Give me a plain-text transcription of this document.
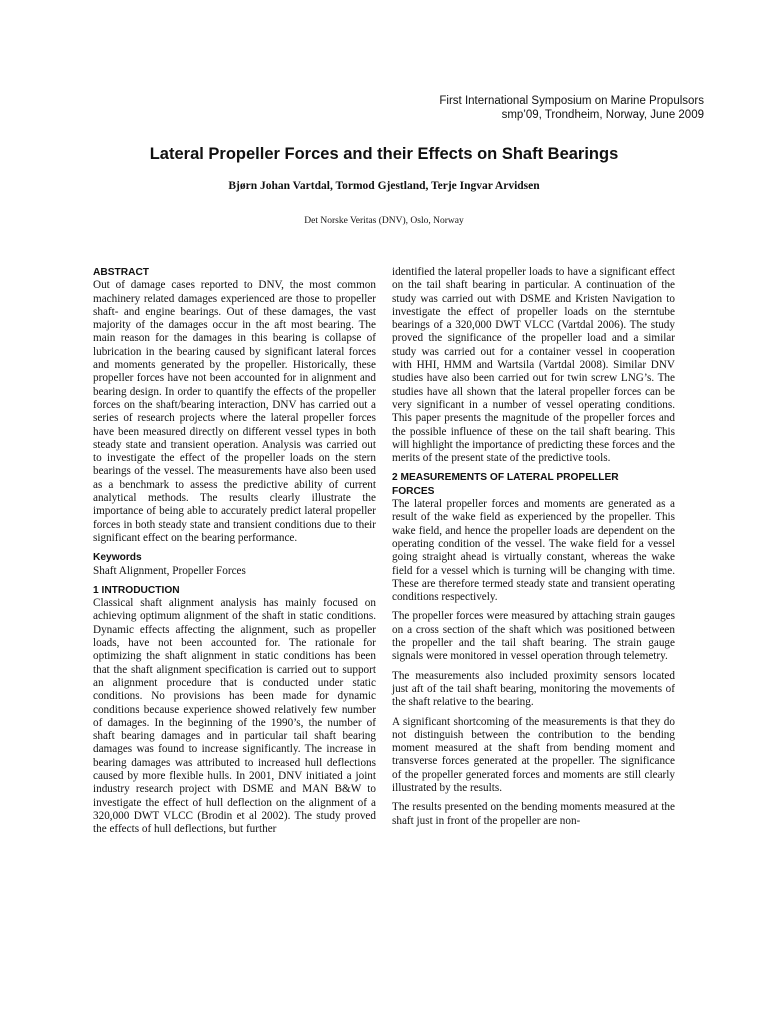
First International Symposium on Marine Propulsors
smp’09, Trondheim, Norway, June 2009
Lateral Propeller Forces and their Effects on Shaft Bearings
Bjørn Johan Vartdal, Tormod Gjestland, Terje Ingvar Arvidsen
Det Norske Veritas (DNV), Oslo, Norway
ABSTRACT

Out of damage cases reported to DNV, the most common machinery related damages experienced are those to propeller shaft- and engine bearings. Out of these damages, the vast majority of the damages occur in the aft most bearing. The main reason for the damages in this bearing is collapse of lubrication in the bearing caused by significant lateral forces and moments generated by the propeller. Historically, these propeller forces have not been accounted for in alignment and bearing design. In order to quantify the effects of the propeller forces on the shaft/bearing interaction, DNV has carried out a series of research projects where the lateral propeller forces have been measured directly on different vessel types in both steady state and transient operation. Analysis was carried out to investigate the effect of the propeller loads on the stern bearings of the vessel. The measurements have also been used as a benchmark to assess the predictive ability of current analytical methods. The results clearly illustrate the importance of being able to accurately predict lateral propeller forces in both steady state and transient conditions due to their significant effect on the bearing performance.

Keywords

Shaft Alignment, Propeller Forces

1 INTRODUCTION

Classical shaft alignment analysis has mainly focused on achieving optimum alignment of the shaft in static conditions. Dynamic effects affecting the alignment, such as propeller loads, have not been accounted for. The rationale for optimizing the shaft alignment in static conditions has been that the shaft alignment specification is carried out to support an alignment procedure that is conducted under static conditions. No provisions has been made for dynamic conditions because experience showed relatively few number of damages. In the beginning of the 1990’s, the number of shaft bearing damages and in particular tail shaft bearing damages was found to increase significantly. The increase in bearing damages was attributed to increased hull deflections caused by more flexible hulls. In 2001, DNV initiated a joint industry research project with DSME and MAN B&W to investigate the effect of hull deflection on the alignment of a 320,000 DWT VLCC (Brodin et al 2002). The study proved the effects of hull deflections, but further

identified the lateral propeller loads to have a significant effect on the tail shaft bearing in particular. A continuation of the study was carried out with DSME and Kristen Navigation to investigate the effect of propeller loads on the sterntube bearings of a 320,000 DWT VLCC (Vartdal 2006). The study proved the significance of the propeller load and a similar study was carried out for a container vessel in cooperation with HHI, HMM and Wartsila (Vartdal 2008). Similar DNV studies have also been carried out for twin screw LNG’s. The studies have all shown that the lateral propeller forces can be very significant in a number of vessel operating conditions. This paper presents the magnitude of the propeller forces and the possible influence of these on the tail shaft bearing. This will highlight the importance of predicting these forces and the merits of the present state of the predictive tools.

2 MEASUREMENTS OF LATERAL PROPELLER
FORCES

The lateral propeller forces and moments are generated as a result of the wake field as experienced by the propeller. This wake field, and hence the propeller loads are dependent on the operating condition of the vessel. The wake field for a vessel going straight ahead is virtually constant, whereas the wake field for a vessel which is turning will be changing with time. These are therefore termed steady state and transient operating conditions respectively.

The propeller forces were measured by attaching strain gauges on a cross section of the shaft which was positioned between the propeller and the tail shaft bearing. The strain gauge signals were monitored in vessel operation through telemetry.

The measurements also included proximity sensors located just aft of the tail shaft bearing, monitoring the movements of the shaft relative to the bearing.

A significant shortcoming of the measurements is that they do not distinguish between the contribution to the bending moment measured at the shaft from bending moment and transverse forces generated at the propeller. The significance of the propeller generated forces and moments are still clearly illustrated by the results.

The results presented on the bending moments measured at the shaft just in front of the propeller are non-
